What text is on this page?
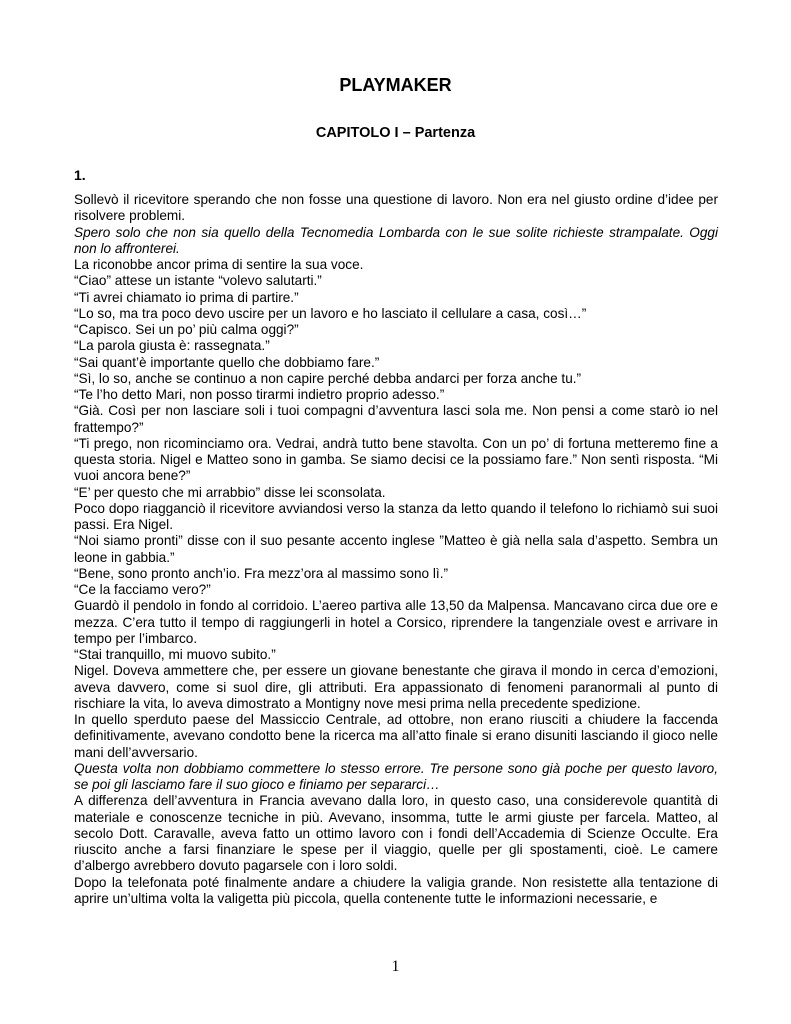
PLAYMAKER
CAPITOLO I – Partenza
1.

Sollevò il ricevitore sperando che non fosse una questione di lavoro. Non era nel giusto ordine d’idee per risolvere problemi.

Spero solo che non sia quello della Tecnomedia Lombarda con le sue solite richieste strampalate. Oggi non lo affronterei.

La riconobbe ancor prima di sentire la sua voce.

“Ciao” attese un istante “volevo salutarti.”

“Ti avrei chiamato io prima di partire.”

“Lo so, ma tra poco devo uscire per un lavoro e ho lasciato il cellulare a casa, così…”

“Capisco. Sei un po’ più calma oggi?”

“La parola giusta è: rassegnata.”

“Sai quant’è importante quello che dobbiamo fare.”

“Sì, lo so, anche se continuo a non capire perché debba andarci per forza anche tu.”

“Te l’ho detto Mari, non posso tirarmi indietro proprio adesso.”

“Già. Così per non lasciare soli i tuoi compagni d’avventura lasci sola me. Non pensi a come starò io nel frattempo?”

“Ti prego, non ricominciamo ora. Vedrai, andrà tutto bene stavolta. Con un po’ di fortuna metteremo fine a questa storia. Nigel e Matteo sono in gamba. Se siamo decisi ce la possiamo fare.” Non sentì risposta. “Mi vuoi ancora bene?”

“E’ per questo che mi arrabbio” disse lei sconsolata.

Poco dopo riagganciò il ricevitore avviandosi verso la stanza da letto quando il telefono lo richiamò sui suoi passi. Era Nigel.

“Noi siamo pronti” disse con il suo pesante accento inglese ”Matteo è già nella sala d’aspetto. Sembra un leone in gabbia.”

“Bene, sono pronto anch’io. Fra mezz’ora al massimo sono lì.”

“Ce la facciamo vero?”

Guardò il pendolo in fondo al corridoio. L’aereo partiva alle 13,50 da Malpensa. Mancavano circa due ore e mezza. C’era tutto il tempo di raggiungerli in hotel a Corsico, riprendere la tangenziale ovest e arrivare in tempo per l’imbarco.

“Stai tranquillo, mi muovo subito.”

Nigel. Doveva ammettere che, per essere un giovane benestante che girava il mondo in cerca d’emozioni, aveva davvero, come si suol dire, gli attributi. Era appassionato di fenomeni paranormali al punto di rischiare la vita, lo aveva dimostrato a Montigny nove mesi prima nella precedente spedizione.

In quello sperduto paese del Massiccio Centrale, ad ottobre, non erano riusciti a chiudere la faccenda definitivamente, avevano condotto bene la ricerca ma all’atto finale si erano disuniti lasciando il gioco nelle mani dell’avversario.

Questa volta non dobbiamo commettere lo stesso errore. Tre persone sono già poche per questo lavoro, se poi gli lasciamo fare il suo gioco e finiamo per separarci…

A differenza dell’avventura in Francia avevano dalla loro, in questo caso, una considerevole quantità di materiale e conoscenze tecniche in più. Avevano, insomma, tutte le armi giuste per farcela. Matteo, al secolo Dott. Caravalle, aveva fatto un ottimo lavoro con i fondi dell’Accademia di Scienze Occulte. Era riuscito anche a farsi finanziare le spese per il viaggio, quelle per gli spostamenti, cioè. Le camere d’albergo avrebbero dovuto pagarsele con i loro soldi.

Dopo la telefonata poté finalmente andare a chiudere la valigia grande. Non resistette alla tentazione di aprire un’ultima volta la valigetta più piccola, quella contenente tutte le informazioni necessarie, e

1
